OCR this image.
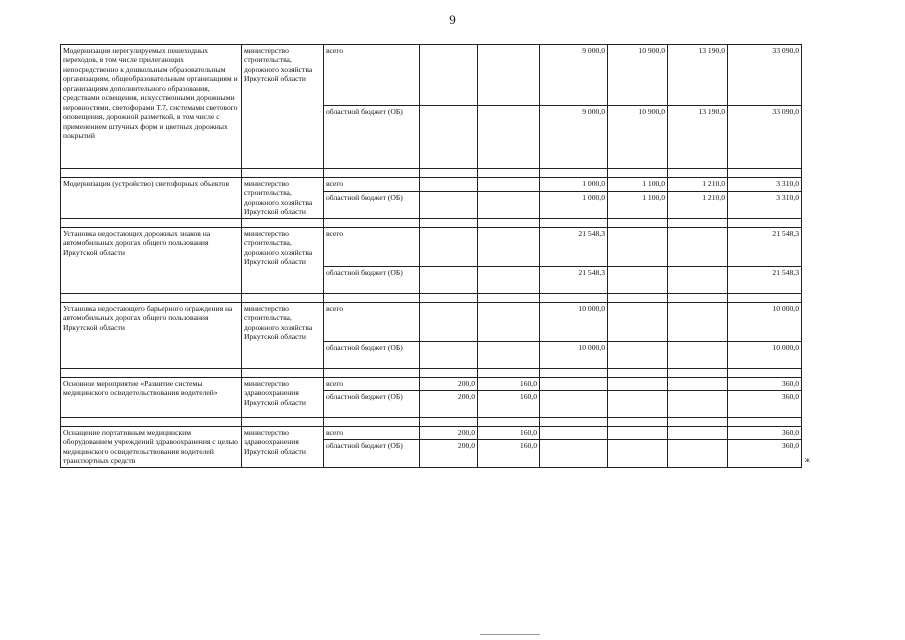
9
Модернизация нерегулируемых пешеходных переходов, в том числе прилегающих непосредственно к дошкольным образовательным организациям, общеобразовательным организациям и организациям дополнительного образования, средствами освещения, искусственными дорожными неровностями, светофорами Т.7, системами светового оповещения, дорожной разметкой, в том числе с применением штучных форм и цветных дорожных покрытий	министерство строительства, дорожного хозяйства Иркутской области	всего			9 000,0	10 900,0	13 190,0	33 090,0
		областной бюджет (ОБ)			9 000,0	10 900,0	13 190,0	33 090,0

Модернизация (устройство) светофорных объектов	министерство строительства, дорожного хозяйства Иркутской области	всего			1 000,0	1 100,0	1 210,0	3 310,0
		областной бюджет (ОБ)			1 000,0	1 100,0	1 210,0	3 310,0

Установка недостающих дорожных знаков на автомобильных дорогах общего пользования Иркутской области	министерство строительства, дорожного хозяйства Иркутской области	всего			21 548,3			21 548,3
		областной бюджет (ОБ)			21 548,3			21 548,3

Установка недостающего барьерного ограждения на автомобильных дорогах общего пользования Иркутской области	министерство строительства, дорожного хозяйства Иркутской области	всего			10 000,0			10 000,0
		областной бюджет (ОБ)			10 000,0			10 000,0

Основное мероприятие «Развитие системы медицинского освидетельствования водителей»	министерство здравоохранения Иркутской области	всего	200,0	160,0				360,0
		областной бюджет (ОБ)	200,0	160,0				360,0

Оснащение портативным медицинским оборудованием учреждений здравоохранения с целью медицинского освидетельствования водителей транспортных средств	министерство здравоохранения Иркутской области	всего	200,0	160,0				360,0
		областной бюджет (ОБ)	200,0	160,0				360,0
ж
